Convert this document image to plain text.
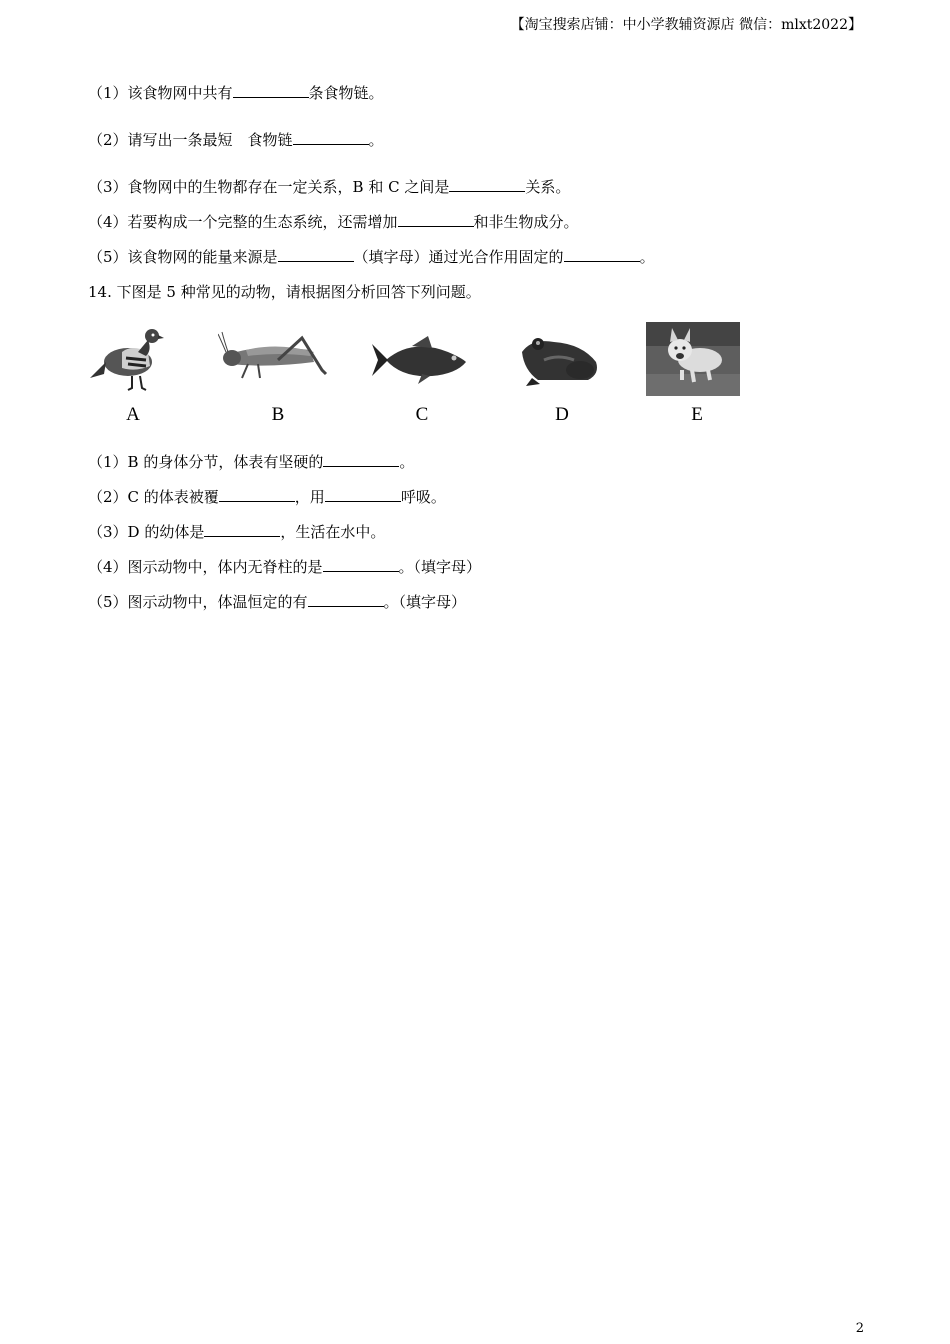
【淘宝搜索店铺：中小学教辅资源店 微信：mlxt2022】
（1）该食物网中共有	条食物链。
（2）请写出一条最短　食物链	。
（3）食物网中的生物都存在一定关系，B 和 C 之间是	关系。
（4）若要构成一个完整的生态系统，还需增加	和非生物成分。
（5）该食物网的能量来源是	（填字母）通过光合作用固定的	。
14. 下图是 5 种常见的动物，请根据图分析回答下列问题。
A	B	C	D	E
（1）B 的身体分节，体表有坚硬的	。
（2）C 的体表被覆	，用	呼吸。
（3）D 的幼体是	，生活在水中。
（4）图示动物中，体内无脊柱的是	。（填字母）
（5）图示动物中，体温恒定的有	。（填字母）
2
